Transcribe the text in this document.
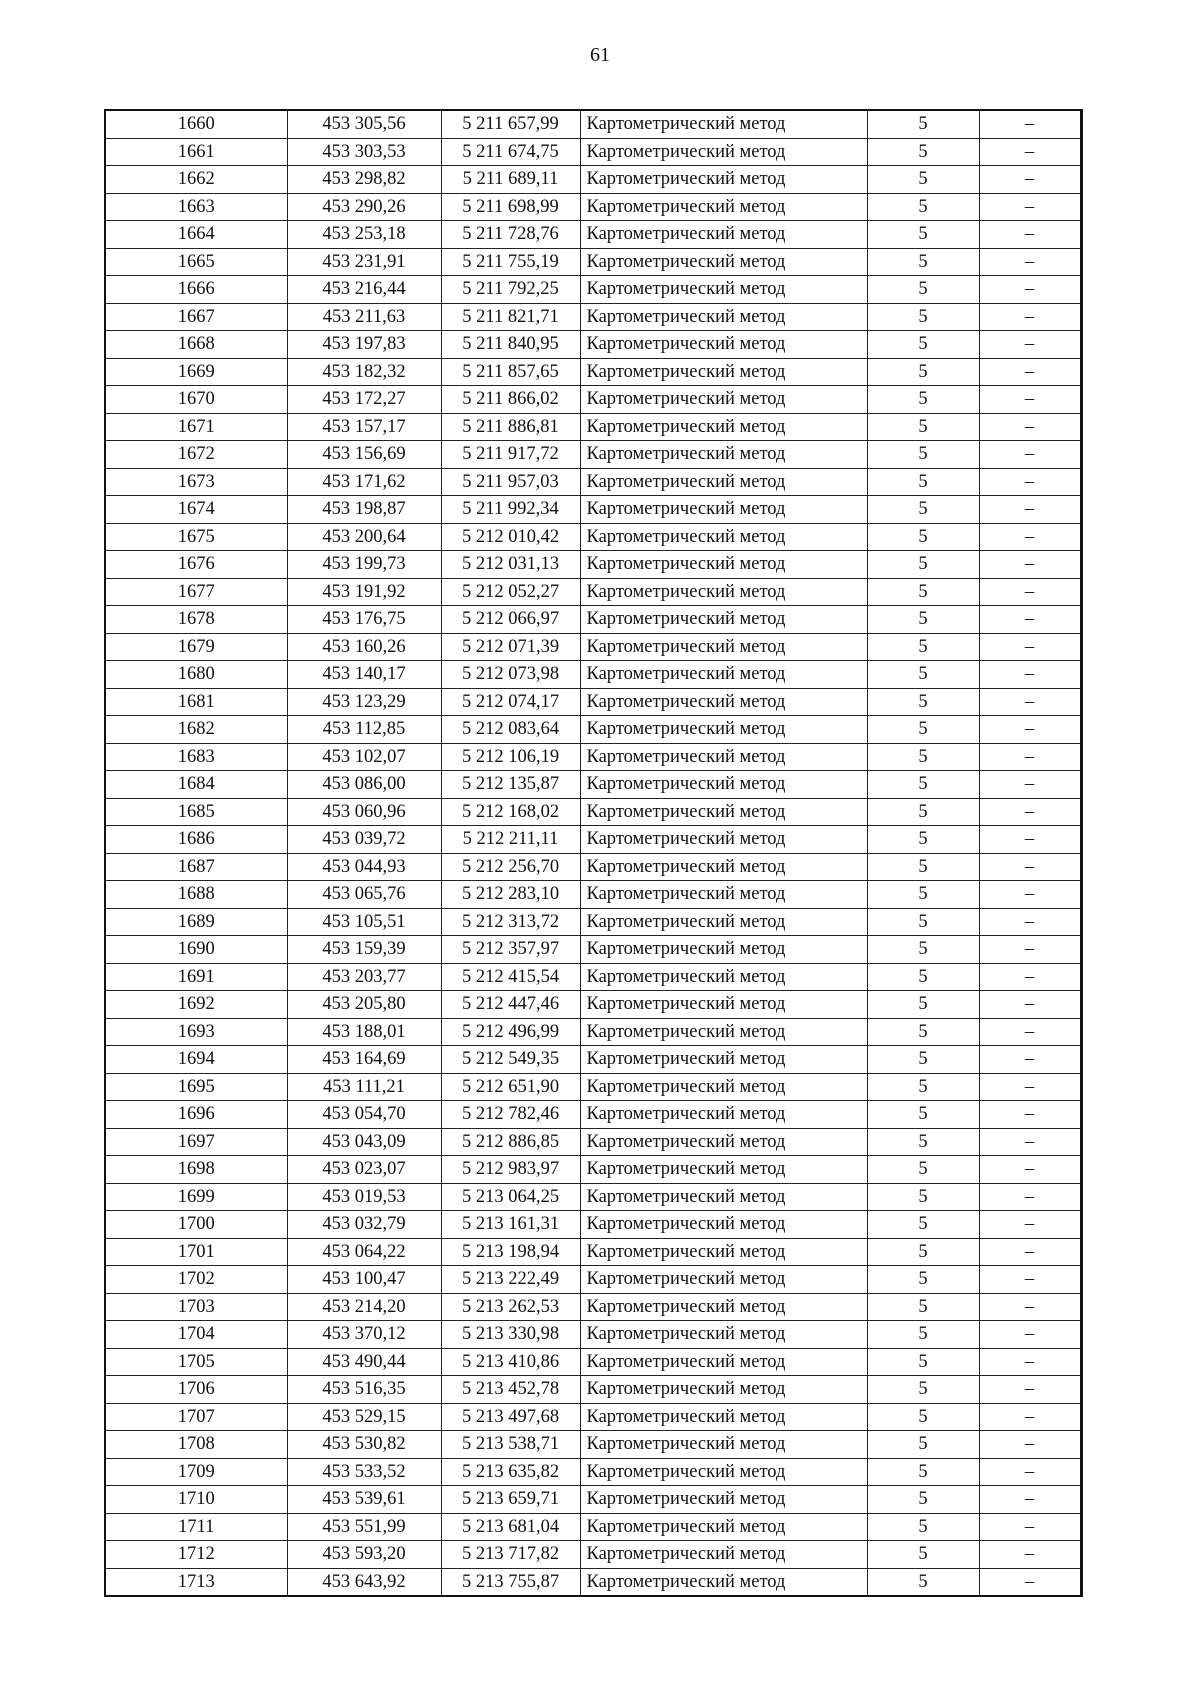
61
1660	453 305,56	5 211 657,99	Картометрический метод	5	–
1661	453 303,53	5 211 674,75	Картометрический метод	5	–
1662	453 298,82	5 211 689,11	Картометрический метод	5	–
1663	453 290,26	5 211 698,99	Картометрический метод	5	–
1664	453 253,18	5 211 728,76	Картометрический метод	5	–
1665	453 231,91	5 211 755,19	Картометрический метод	5	–
1666	453 216,44	5 211 792,25	Картометрический метод	5	–
1667	453 211,63	5 211 821,71	Картометрический метод	5	–
1668	453 197,83	5 211 840,95	Картометрический метод	5	–
1669	453 182,32	5 211 857,65	Картометрический метод	5	–
1670	453 172,27	5 211 866,02	Картометрический метод	5	–
1671	453 157,17	5 211 886,81	Картометрический метод	5	–
1672	453 156,69	5 211 917,72	Картометрический метод	5	–
1673	453 171,62	5 211 957,03	Картометрический метод	5	–
1674	453 198,87	5 211 992,34	Картометрический метод	5	–
1675	453 200,64	5 212 010,42	Картометрический метод	5	–
1676	453 199,73	5 212 031,13	Картометрический метод	5	–
1677	453 191,92	5 212 052,27	Картометрический метод	5	–
1678	453 176,75	5 212 066,97	Картометрический метод	5	–
1679	453 160,26	5 212 071,39	Картометрический метод	5	–
1680	453 140,17	5 212 073,98	Картометрический метод	5	–
1681	453 123,29	5 212 074,17	Картометрический метод	5	–
1682	453 112,85	5 212 083,64	Картометрический метод	5	–
1683	453 102,07	5 212 106,19	Картометрический метод	5	–
1684	453 086,00	5 212 135,87	Картометрический метод	5	–
1685	453 060,96	5 212 168,02	Картометрический метод	5	–
1686	453 039,72	5 212 211,11	Картометрический метод	5	–
1687	453 044,93	5 212 256,70	Картометрический метод	5	–
1688	453 065,76	5 212 283,10	Картометрический метод	5	–
1689	453 105,51	5 212 313,72	Картометрический метод	5	–
1690	453 159,39	5 212 357,97	Картометрический метод	5	–
1691	453 203,77	5 212 415,54	Картометрический метод	5	–
1692	453 205,80	5 212 447,46	Картометрический метод	5	–
1693	453 188,01	5 212 496,99	Картометрический метод	5	–
1694	453 164,69	5 212 549,35	Картометрический метод	5	–
1695	453 111,21	5 212 651,90	Картометрический метод	5	–
1696	453 054,70	5 212 782,46	Картометрический метод	5	–
1697	453 043,09	5 212 886,85	Картометрический метод	5	–
1698	453 023,07	5 212 983,97	Картометрический метод	5	–
1699	453 019,53	5 213 064,25	Картометрический метод	5	–
1700	453 032,79	5 213 161,31	Картометрический метод	5	–
1701	453 064,22	5 213 198,94	Картометрический метод	5	–
1702	453 100,47	5 213 222,49	Картометрический метод	5	–
1703	453 214,20	5 213 262,53	Картометрический метод	5	–
1704	453 370,12	5 213 330,98	Картометрический метод	5	–
1705	453 490,44	5 213 410,86	Картометрический метод	5	–
1706	453 516,35	5 213 452,78	Картометрический метод	5	–
1707	453 529,15	5 213 497,68	Картометрический метод	5	–
1708	453 530,82	5 213 538,71	Картометрический метод	5	–
1709	453 533,52	5 213 635,82	Картометрический метод	5	–
1710	453 539,61	5 213 659,71	Картометрический метод	5	–
1711	453 551,99	5 213 681,04	Картометрический метод	5	–
1712	453 593,20	5 213 717,82	Картометрический метод	5	–
1713	453 643,92	5 213 755,87	Картометрический метод	5	–
